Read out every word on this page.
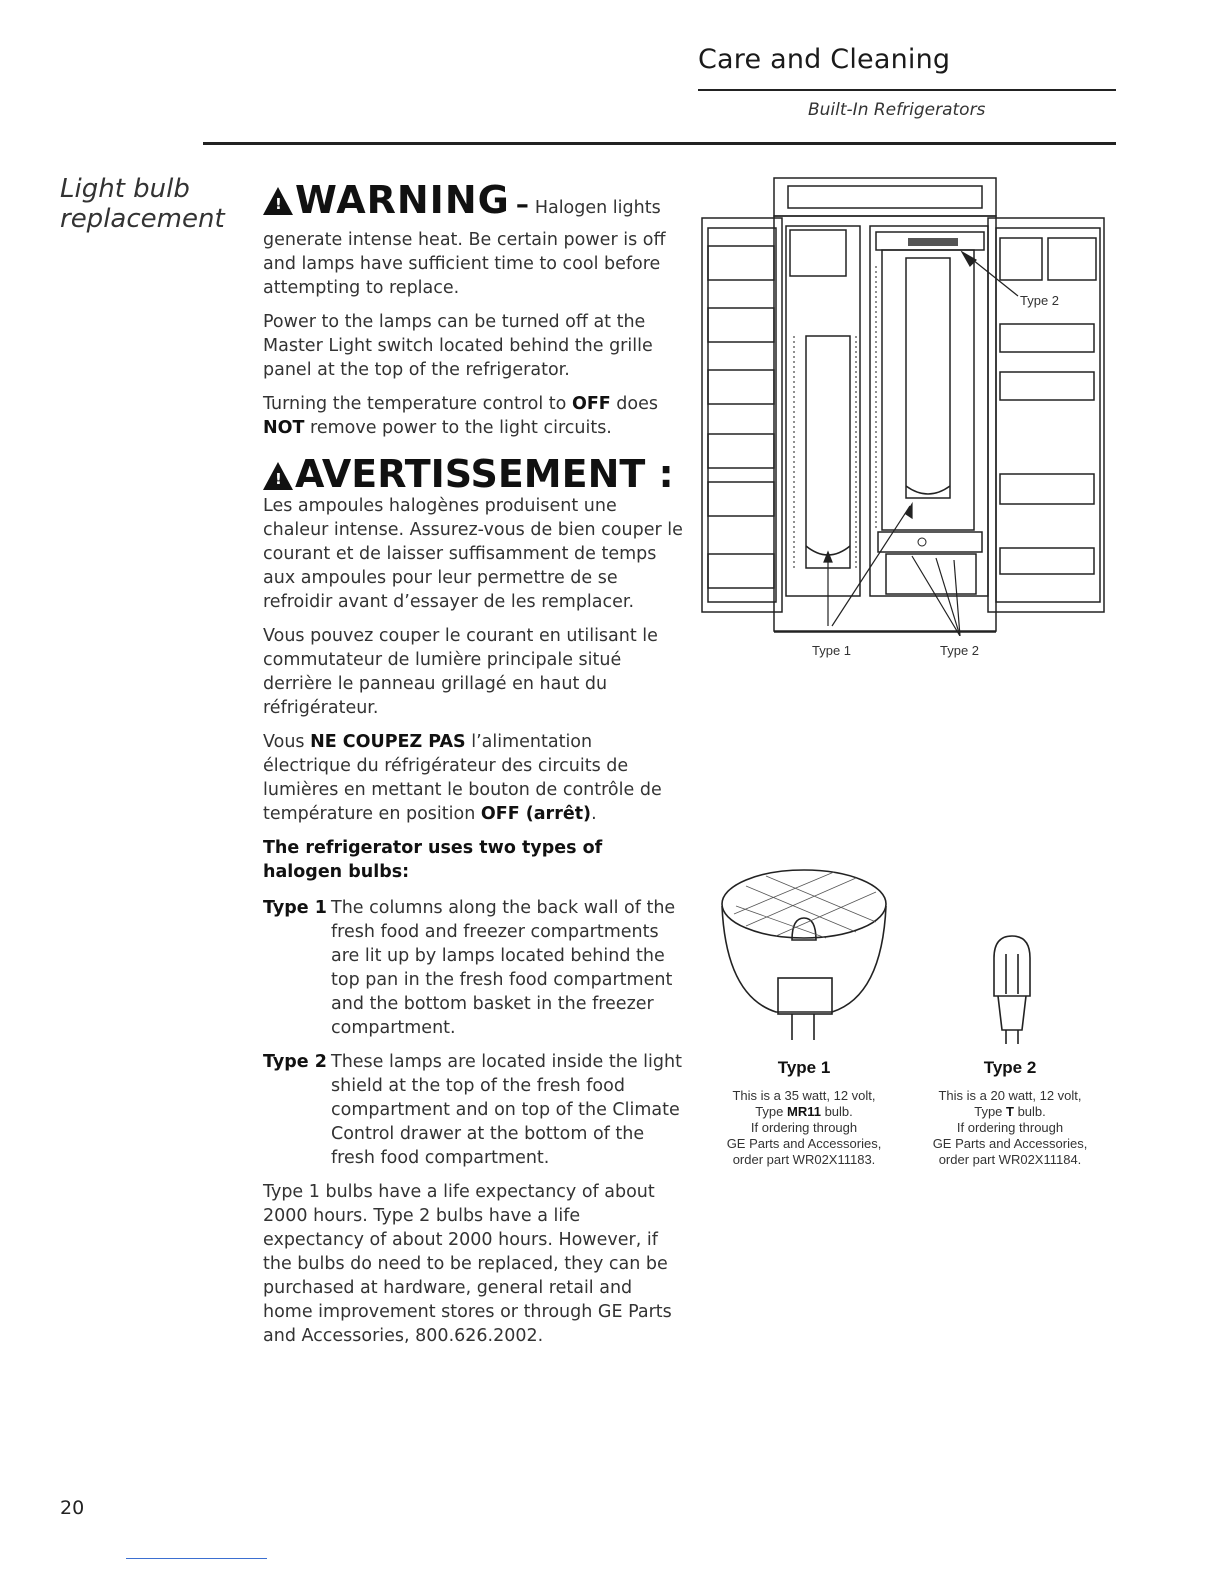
Care and Cleaning
Built-In Refrigerators
Light bulb replacement !	WARNING – Halogen lights

generate intense heat. Be certain power is off and lamps have sufficient time to cool before attempting to replace.

Power to the lamps can be turned off at the Master Light switch located behind the grille panel at the top of the refrigerator.

Turning the temperature control to OFF does NOT remove power to the light circuits.

!
AVERTISSEMENT :

Les ampoules halogènes produisent une chaleur intense. Assurez-vous de bien couper le courant et de laisser suffisamment de temps aux ampoules pour leur permettre de se refroidir avant d’essayer de les remplacer.

Vous pouvez couper le courant en utilisant le commutateur de lumière principale situé derrière le panneau grillagé en haut du réfrigérateur.

Vous NE COUPEZ PAS l’alimentation électrique du réfrigérateur des circuits de lumières en mettant le bouton de contrôle de température en position OFF (arrêt).

The refrigerator uses two types of halogen bulbs:

Type 1 The columns along the back wall of the fresh food and freezer compartments are lit up by lamps located behind the top pan in the fresh food compartment and the bottom basket in the freezer compartment.
Type 2 These lamps are located inside the light shield at the top of the fresh food compartment and on top of the Climate Control drawer at the bottom of the fresh food compartment.

Type 1 bulbs have a life expectancy of about 2000 hours. Type 2 bulbs have a life expectancy of about 2000 hours. However, if the bulbs do need to be replaced, they can be purchased at hardware, general retail and home improvement stores or through GE Parts and Accessories, 800.626.2002.

Type 2
Type 1	Type 2
Type 1
This is a 35 watt, 12 volt,
Type MR11 bulb.
If ordering through
GE Parts and Accessories,
order part WR02X11183.
Type 2
This is a 20 watt, 12 volt,
Type T bulb.
If ordering through
GE Parts and Accessories,
order part WR02X11184.
20
